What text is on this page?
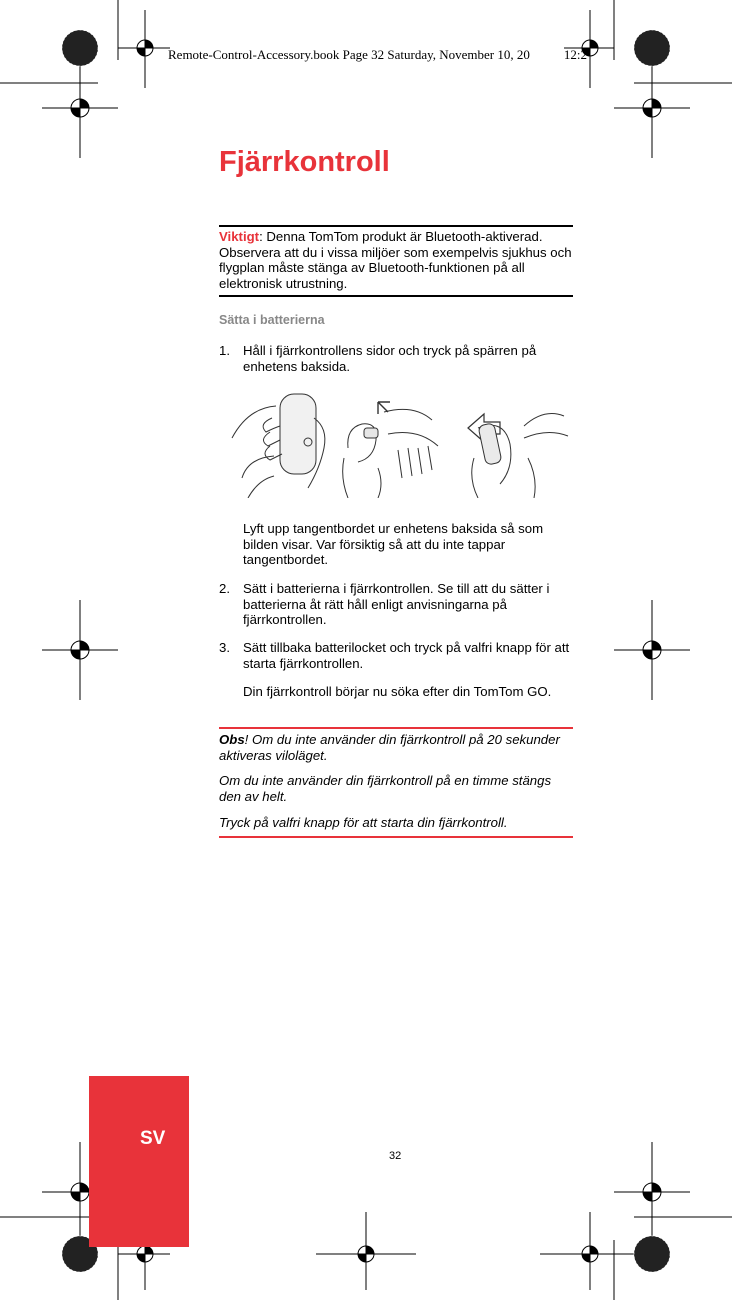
Remote-Control-Accessory.book Page 32 Saturday, November 10, 20	12:2
Fjärrkontroll
Viktigt: Denna TomTom produkt är Bluetooth-aktiverad. Observera att du i vissa miljöer som exempelvis sjukhus och flygplan måste stänga av Bluetooth-funktionen på all elektronisk utrustning.
Sätta i batterierna
1. Håll i fjärrkontrollens sidor och tryck på spärren på enhetens baksida.
Lyft upp tangentbordet ur enhetens baksida så som bilden visar. Var försiktig så att du inte tappar tangentbordet.
2. Sätt i batterierna i fjärrkontrollen. Se till att du sätter i batterierna åt rätt håll enligt anvisningarna på fjärrkontrollen.
3. Sätt tillbaka batterilocket och tryck på valfri knapp för att starta fjärrkontrollen.
Din fjärrkontroll börjar nu söka efter din TomTom GO.
Obs! Om du inte använder din fjärrkontroll på 20 sekunder aktiveras viloläget.
Om du inte använder din fjärrkontroll på en timme stängs den av helt.
Tryck på valfri knapp för att starta din fjärrkontroll.
SV
32
